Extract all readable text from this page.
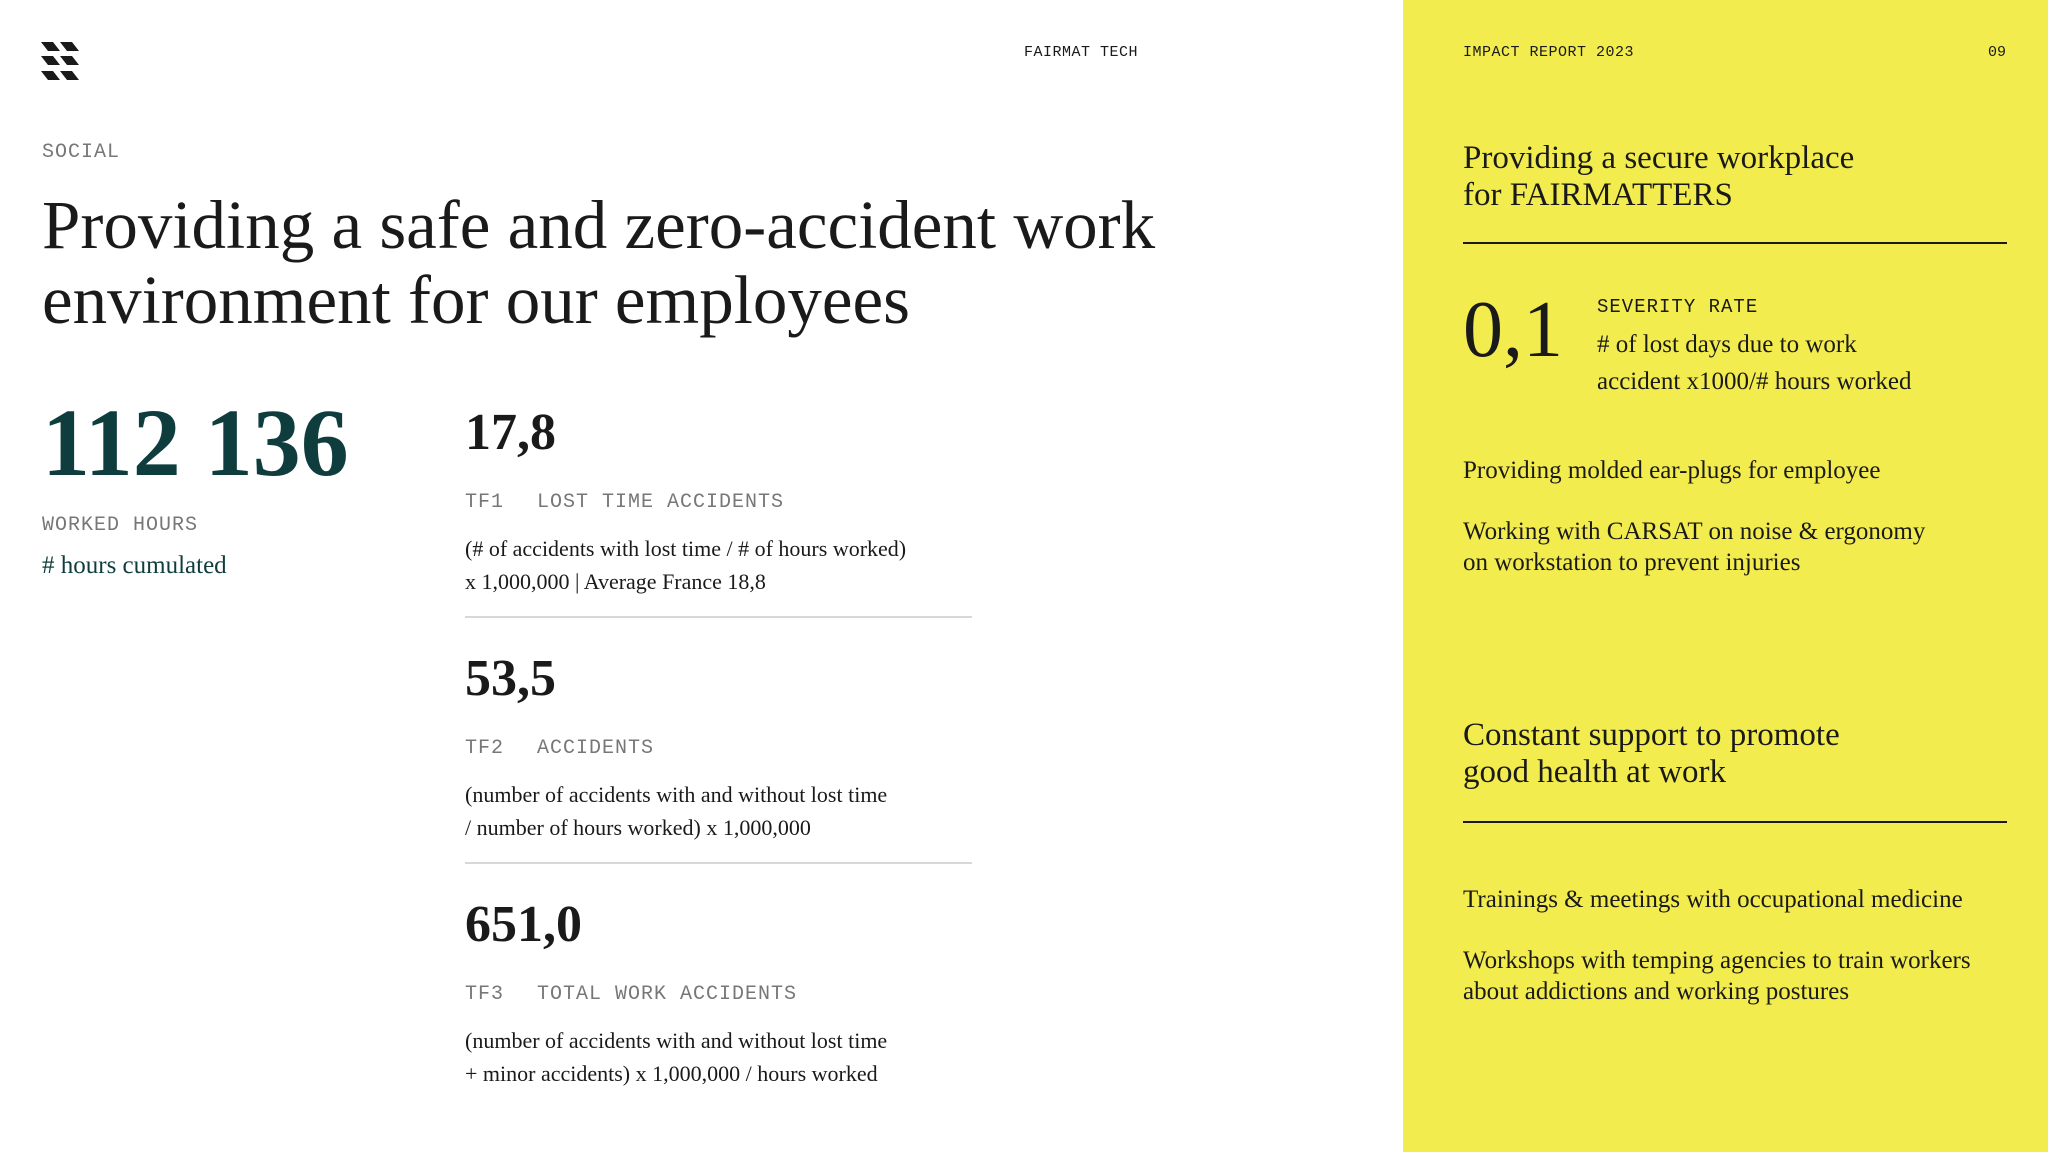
FAIRMAT TECH
SOCIAL
Providing a safe and zero-accident work
environment for our employees
112 136
WORKED HOURS
# hours cumulated
17,8
TF1 LOST TIME ACCIDENTS
(# of accidents with lost time / # of hours worked)
x 1,000,000 | Average France 18,8
53,5
TF2 ACCIDENTS
(number of accidents with and without lost time
/ number of hours worked) x 1,000,000
651,0
TF3 TOTAL WORK ACCIDENTS
(number of accidents with and without lost time
+ minor accidents) x 1,000,000 / hours worked
IMPACT REPORT 2023	09
Providing a secure workplace
for FAIRMATTERS
0,1 SEVERITY RATE
# of lost days due to work
accident x1000/# hours worked
Providing molded ear-plugs for employee
Working with CARSAT on noise & ergonomy
on workstation to prevent injuries
Constant support to promote
good health at work
Trainings & meetings with occupational medicine
Workshops with temping agencies to train workers
about addictions and working postures
